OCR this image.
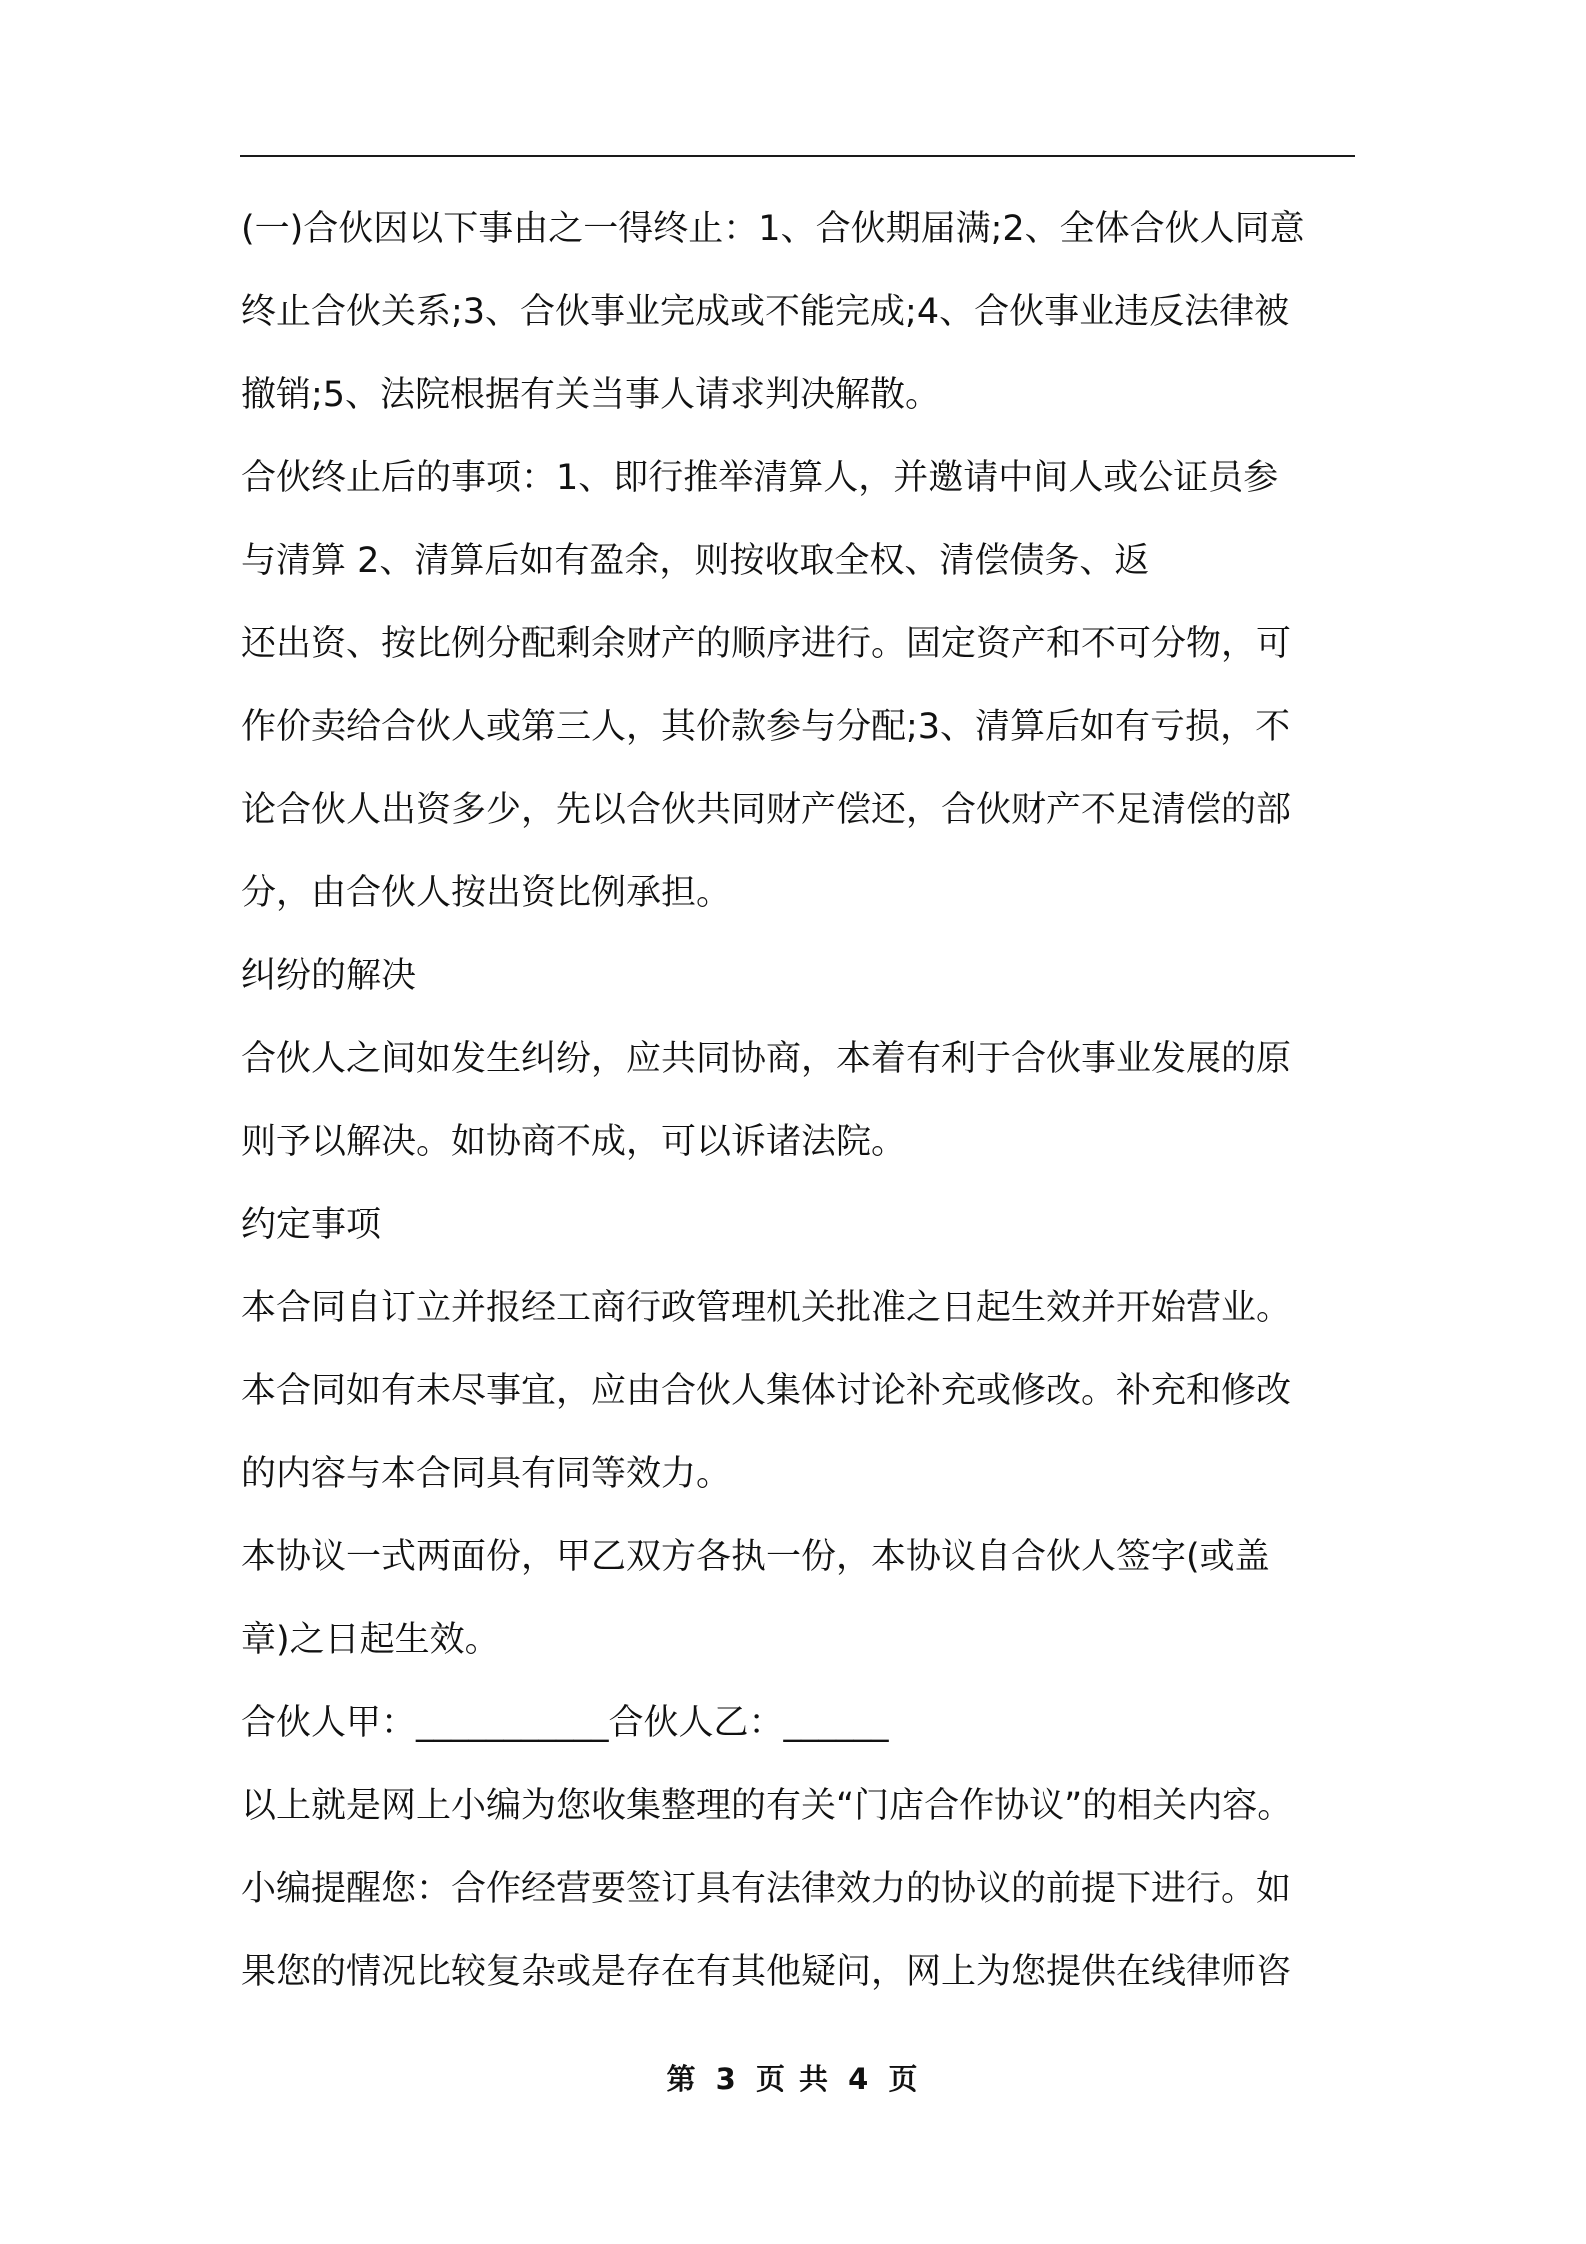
(一)合伙因以下事由之一得终止：1、合伙期届满;2、全体合伙人同意
终止合伙关系;3、合伙事业完成或不能完成;4、合伙事业违反法律被
撤销;5、法院根据有关当事人请求判决解散。
合伙终止后的事项：1、即行推举清算人，并邀请中间人或公证员参
与清算 2、清算后如有盈余，则按收取全权、清偿债务、返
还出资、按比例分配剩余财产的顺序进行。固定资产和不可分物，可
作价卖给合伙人或第三人，其价款参与分配;3、清算后如有亏损，不
论合伙人出资多少，先以合伙共同财产偿还，合伙财产不足清偿的部
分，由合伙人按出资比例承担。
纠纷的解决
合伙人之间如发生纠纷，应共同协商，本着有利于合伙事业发展的原
则予以解决。如协商不成，可以诉诸法院。
约定事项
本合同自订立并报经工商行政管理机关批准之日起生效并开始营业。
本合同如有未尽事宜，应由合伙人集体讨论补充或修改。补充和修改
的内容与本合同具有同等效力。
本协议一式两面份，甲乙双方各执一份，本协议自合伙人签字(或盖
章)之日起生效。
合伙人甲：___________合伙人乙：______
以上就是网上小编为您收集整理的有关“门店合作协议”的相关内容。
小编提醒您：合作经营要签订具有法律效力的协议的前提下进行。如
果您的情况比较复杂或是存在有其他疑问，网上为您提供在线律师咨
第 3 页 共 4 页
